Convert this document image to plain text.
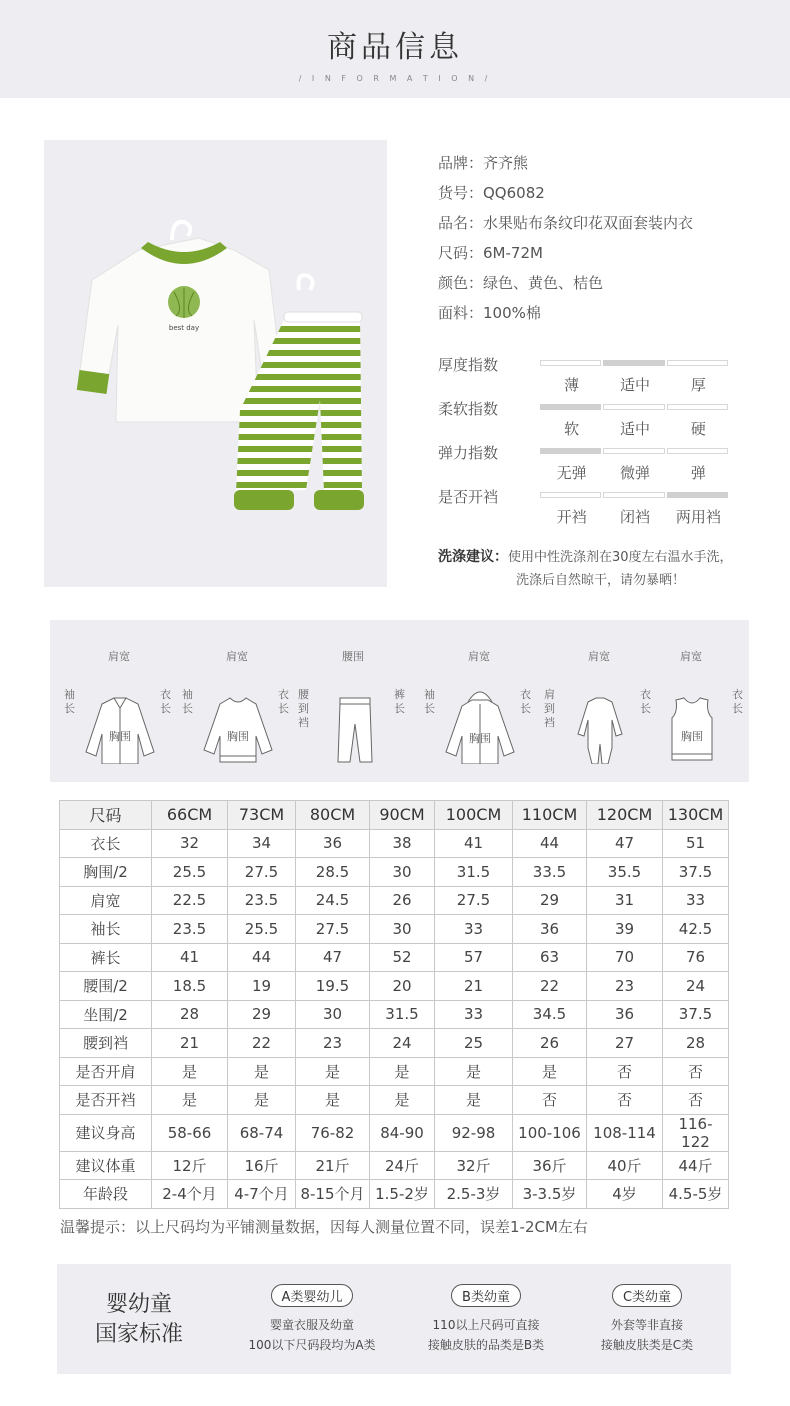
商品信息
/ I N F O R M A T I O N /
best day
品牌：齐齐熊
货号：QQ6082
品名：水果贴布条纹印花双面套装内衣
尺码：6M-72M
颜色：绿色、黄色、桔色
面料：100%棉
厚度指数
薄	适中	厚
柔软指数
软	适中	硬
弹力指数
无弹	微弹	弹
是否开裆
开裆	闭裆	两用裆
洗涤建议：使用中性洗涤剂在30度左右温水手洗，
洗涤后自然晾干，请勿暴晒！
肩宽
袖长
衣长
胸围
肩宽
袖长
衣长
胸围
腰围
腰到裆
裤长
肩宽
袖长
衣长
胸围
肩宽
肩到裆
衣长
肩宽
衣长
胸围
尺码	66CM	73CM	80CM	90CM	100CM	110CM	120CM	130CM
衣长	32	34	36	38	41	44	47	51
胸围/2	25.5	27.5	28.5	30	31.5	33.5	35.5	37.5
肩宽	22.5	23.5	24.5	26	27.5	29	31	33
袖长	23.5	25.5	27.5	30	33	36	39	42.5
裤长	41	44	47	52	57	63	70	76
腰围/2	18.5	19	19.5	20	21	22	23	24
坐围/2	28	29	30	31.5	33	34.5	36	37.5
腰到裆	21	22	23	24	25	26	27	28
是否开肩	是	是	是	是	是	是	否	否
是否开裆	是	是	是	是	是	否	否	否
建议身高	58-66	68-74	76-82	84-90	92-98	100-106	108-114	116-122
建议体重	12斤	16斤	21斤	24斤	32斤	36斤	40斤	44斤
年龄段	2-4个月	4-7个月	8-15个月	1.5-2岁	2.5-3岁	3-3.5岁	4岁	4.5-5岁
温馨提示：以上尺码均为平铺测量数据，因每人测量位置不同，误差1-2CM左右
婴幼童
国家标准
A类婴幼儿
婴童衣服及幼童
100以下尺码段均为A类
B类幼童
110以上尺码可直接
接触皮肤的品类是B类
C类幼童
外套等非直接
接触皮肤类是C类
